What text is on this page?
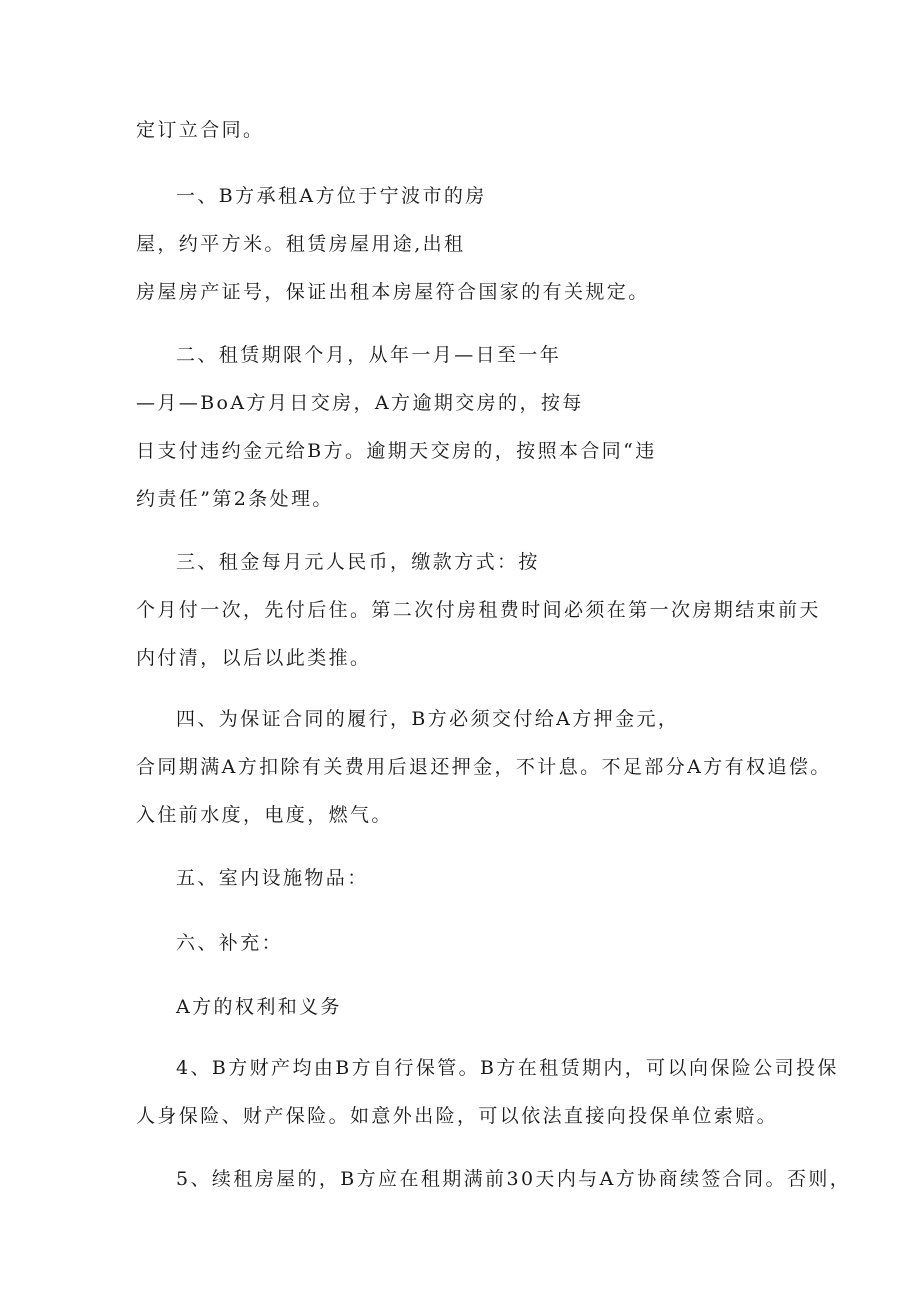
定订立合同。
一、B方承租A方位于宁波市的房
屋，约平方米。租赁房屋用途,出租
房屋房产证号，保证出租本房屋符合国家的有关规定。
二、租赁期限个月，从年一月—日至一年
—月—BoA方月日交房，A方逾期交房的，按每
日支付违约金元给B方。逾期天交房的，按照本合同“违
约责任”第2条处理。
三、租金每月元人民币，缴款方式：按
个月付一次，先付后住。第二次付房租费时间必须在第一次房期结束前天
内付清，以后以此类推。
四、为保证合同的履行，B方必须交付给A方押金元，
合同期满A方扣除有关费用后退还押金，不计息。不足部分A方有权追偿。
入住前水度，电度，燃气。
五、室内设施物品：
六、补充：
A方的权利和义务
4、B方财产均由B方自行保管。B方在租赁期内，可以向保险公司投保
人身保险、财产保险。如意外出险，可以依法直接向投保单位索赔。
5、续租房屋的，B方应在租期满前30天内与A方协商续签合同。否则，
